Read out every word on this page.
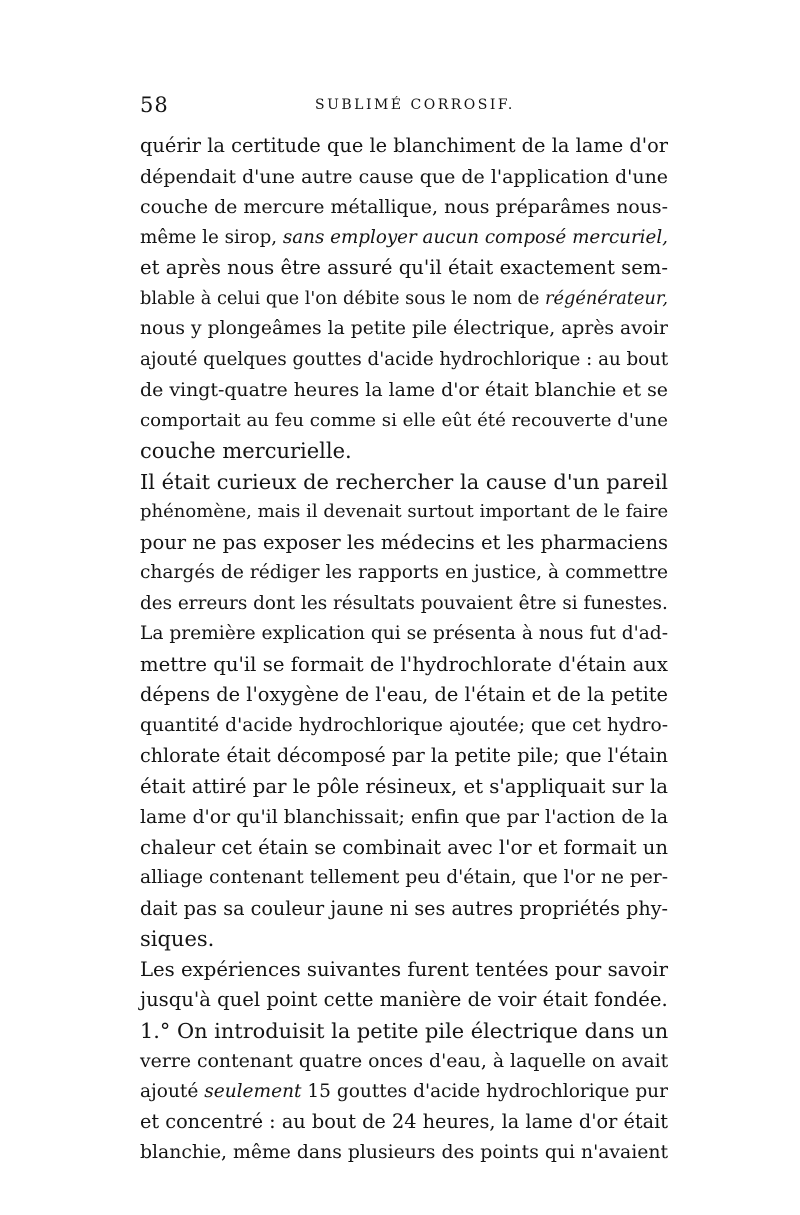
58	SUBLIMÉ CORROSIF.
quérir la certitude que le blanchiment de la lame d'or
dépendait d'une autre cause que de l'application d'une
couche de mercure métallique, nous préparâmes nous-
même le sirop, sans employer aucun composé mercuriel,
et après nous être assuré qu'il était exactement sem-
blable à celui que l'on débite sous le nom de régénérateur,
nous y plongeâmes la petite pile électrique, après avoir
ajouté quelques gouttes d'acide hydrochlorique : au bout
de vingt-quatre heures la lame d'or était blanchie et se
comportait au feu comme si elle eût été recouverte d'une
couche mercurielle.
Il était curieux de rechercher la cause d'un pareil
phénomène, mais il devenait surtout important de le faire
pour ne pas exposer les médecins et les pharmaciens
chargés de rédiger les rapports en justice, à commettre
des erreurs dont les résultats pouvaient être si funestes.
La première explication qui se présenta à nous fut d'ad-
mettre qu'il se formait de l'hydrochlorate d'étain aux
dépens de l'oxygène de l'eau, de l'étain et de la petite
quantité d'acide hydrochlorique ajoutée; que cet hydro-
chlorate était décomposé par la petite pile; que l'étain
était attiré par le pôle résineux, et s'appliquait sur la
lame d'or qu'il blanchissait; enfin que par l'action de la
chaleur cet étain se combinait avec l'or et formait un
alliage contenant tellement peu d'étain, que l'or ne per-
dait pas sa couleur jaune ni ses autres propriétés phy-
siques.
Les expériences suivantes furent tentées pour savoir
jusqu'à quel point cette manière de voir était fondée.
1.° On introduisit la petite pile électrique dans un
verre contenant quatre onces d'eau, à laquelle on avait
ajouté seulement 15 gouttes d'acide hydrochlorique pur
et concentré : au bout de 24 heures, la lame d'or était
blanchie, même dans plusieurs des points qui n'avaient
